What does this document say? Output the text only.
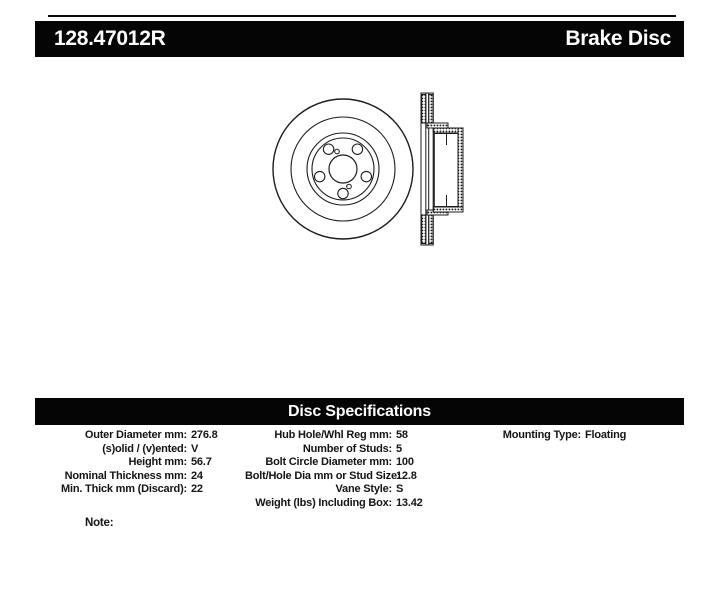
128.47012R	Brake Disc
Disc Specifications
Outer Diameter mm: 276.8
(s)olid / (v)ented: V
Height mm: 56.7
Nominal Thickness mm: 24
Min. Thick mm (Discard): 22
Hub Hole/Whl Reg mm: 58
Number of Studs: 5
Bolt Circle Diameter mm: 100
Bolt/Hole Dia mm or Stud Size:
12.8
Vane Style: S
Weight (lbs) Including Box: 13.42
Mounting Type: Floating
Note:
